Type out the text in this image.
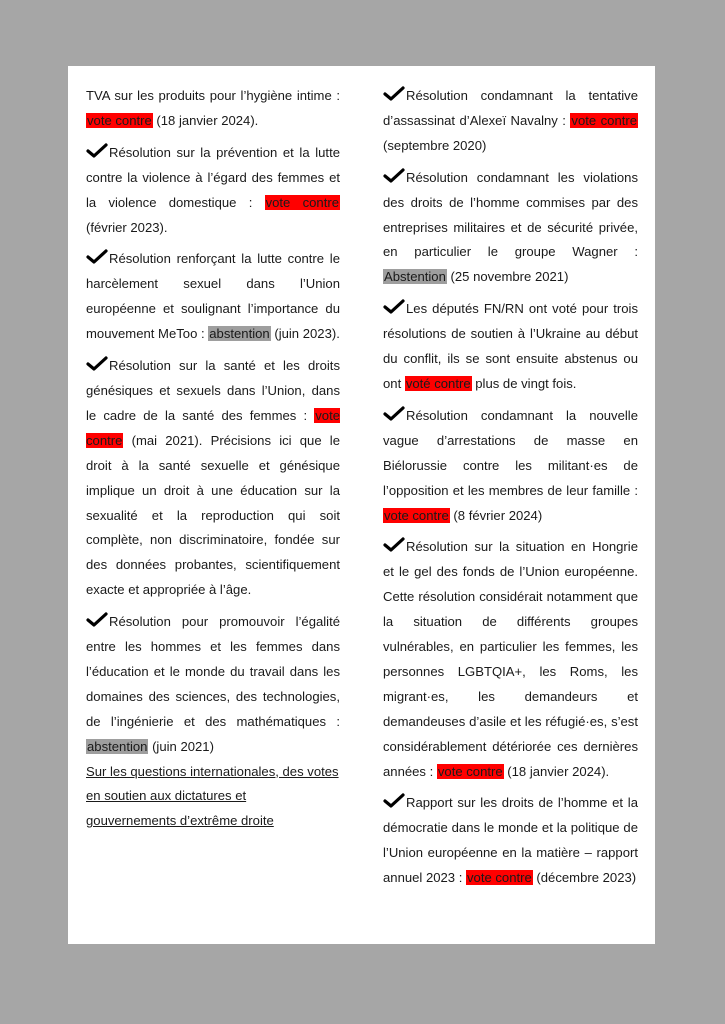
TVA sur les produits pour l’hygiène intime : vote contre (18 janvier 2024).

Résolution sur la prévention et la lutte contre la violence à l’égard des femmes et la violence domestique : vote contre (février 2023).

Résolution renforçant la lutte contre le harcèlement sexuel dans l’Union européenne et soulignant l’importance du mouvement MeToo : abstention (juin 2023).

Résolution sur la santé et les droits génésiques et sexuels dans l’Union, dans le cadre de la santé des femmes : vote contre (mai 2021). Précisions ici que le droit à la santé sexuelle et génésique implique un droit à une éducation sur la sexualité et la reproduction qui soit complète, non discriminatoire, fondée sur des données probantes, scientifiquement exacte et appropriée à l’âge.

Résolution pour promouvoir l’égalité entre les hommes et les femmes dans l’éducation et le monde du travail dans les domaines des sciences, des technologies, de l’ingénierie et des mathématiques : abstention (juin 2021)

Sur les questions internationales, des votes en soutien aux dictatures et gouvernements d’extrême droite

Résolution condamnant la tentative d’assassinat d’Alexeï Navalny : vote contre (septembre 2020)

Résolution condamnant les violations des droits de l’homme commises par des entreprises militaires et de sécurité privée, en particulier le groupe Wagner : Abstention (25 novembre 2021)

Les députés FN/RN ont voté pour trois résolutions de soutien à l’Ukraine au début du conflit, ils se sont ensuite abstenus ou ont voté contre plus de vingt fois.

Résolution condamnant la nouvelle vague d’arrestations de masse en Biélorussie contre les militant·es de l’opposition et les membres de leur famille : vote contre (8 février 2024)

Résolution sur la situation en Hongrie et le gel des fonds de l’Union européenne. Cette résolution considérait notamment que la situation de différents groupes vulnérables, en particulier les femmes, les personnes LGBTQIA+, les Roms, les migrant·es, les demandeurs et demandeuses d’asile et les réfugié·es, s’est considérablement détériorée ces dernières années : vote contre (18 janvier 2024).

Rapport sur les droits de l’homme et la démocratie dans le monde et la politique de l’Union européenne en la matière – rapport annuel 2023 : vote contre (décembre 2023)
